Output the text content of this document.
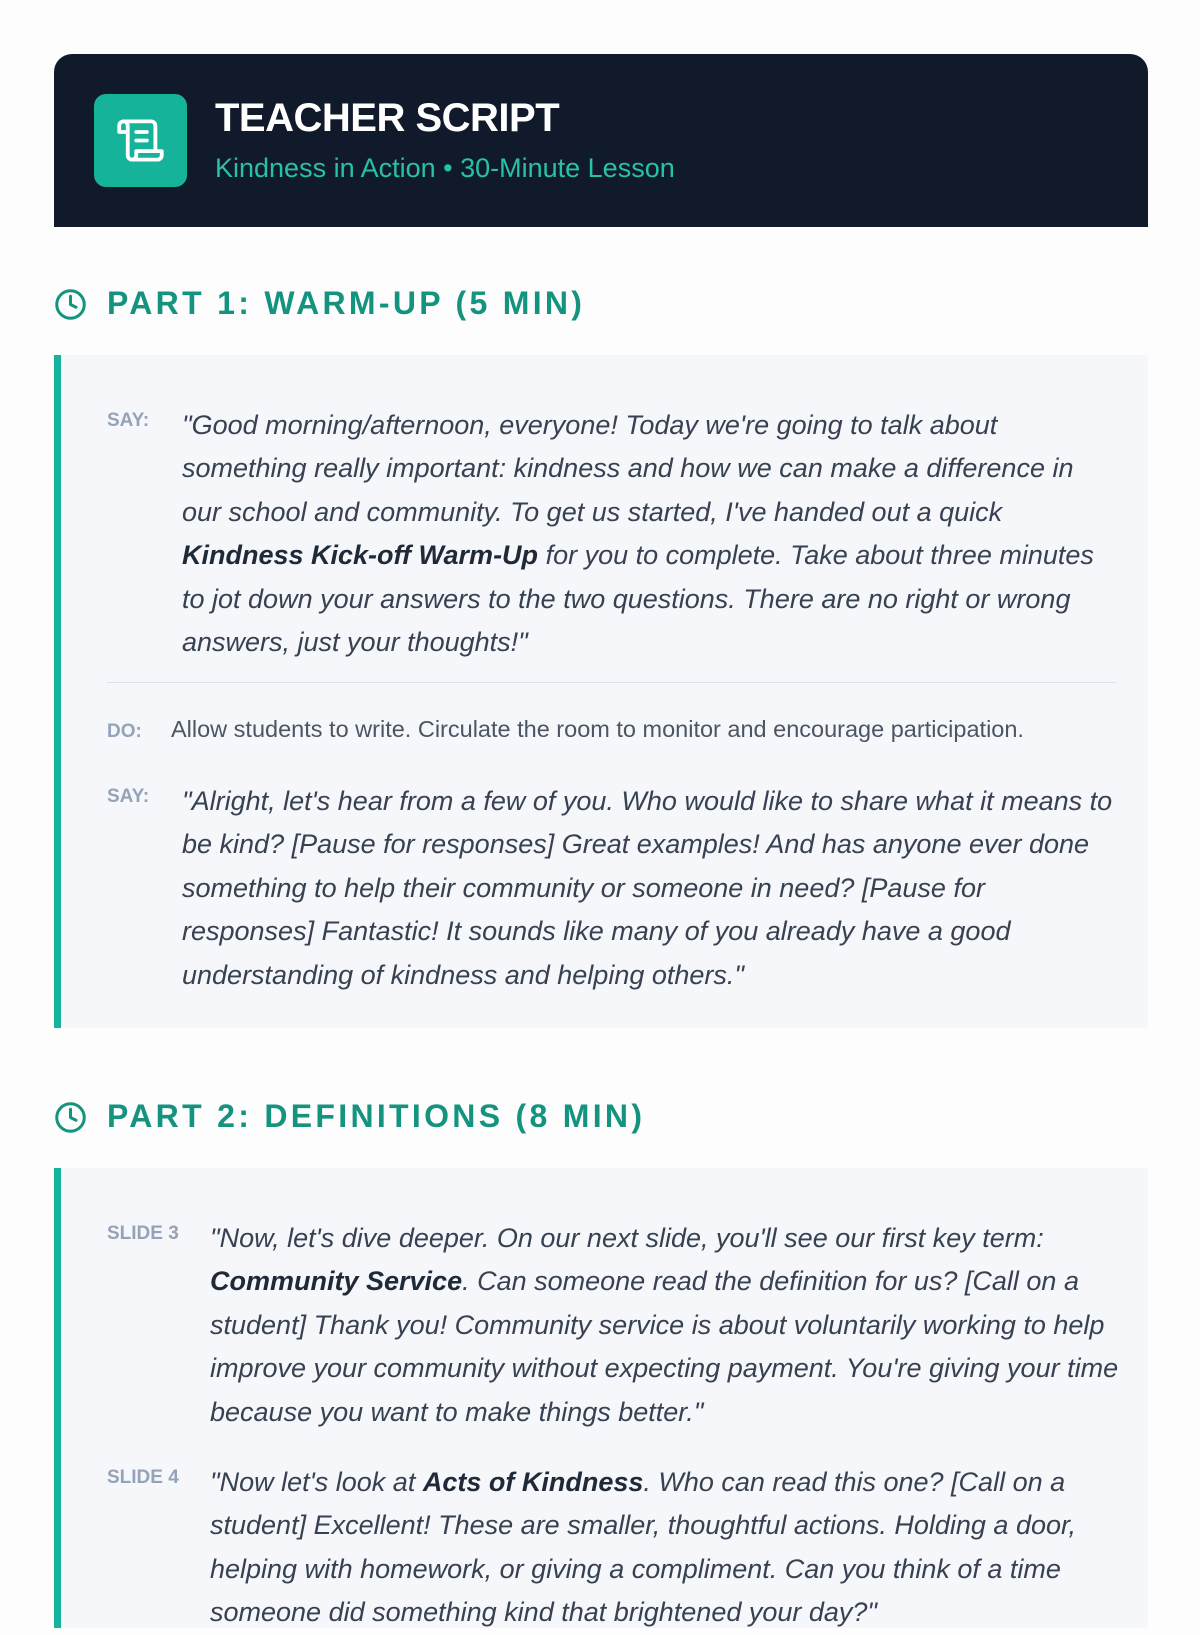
TEACHER SCRIPT
Kindness in Action • 30-Minute Lesson
PART 1: WARM-UP (5 MIN)
SAY: "Good morning/afternoon, everyone! Today we're going to talk about something really important: kindness and how we can make a difference in our school and community. To get us started, I've handed out a quick Kindness Kick-off Warm-Up for you to complete. Take about three minutes to jot down your answers to the two questions. There are no right or wrong answers, just your thoughts!"
DO: Allow students to write. Circulate the room to monitor and encourage participation.
SAY: "Alright, let's hear from a few of you. Who would like to share what it means to be kind? [Pause for responses] Great examples! And has anyone ever done something to help their community or someone in need? [Pause for responses] Fantastic! It sounds like many of you already have a good understanding of kindness and helping others."
PART 2: DEFINITIONS (8 MIN)
SLIDE 3 "Now, let's dive deeper. On our next slide, you'll see our first key term: Community Service. Can someone read the definition for us? [Call on a student] Thank you! Community service is about voluntarily working to help improve your community without expecting payment. You're giving your time because you want to make things better."
SLIDE 4 "Now let's look at Acts of Kindness. Who can read this one? [Call on a student] Excellent! These are smaller, thoughtful actions. Holding a door, helping with homework, or giving a compliment. Can you think of a time someone did something kind that brightened your day?"
